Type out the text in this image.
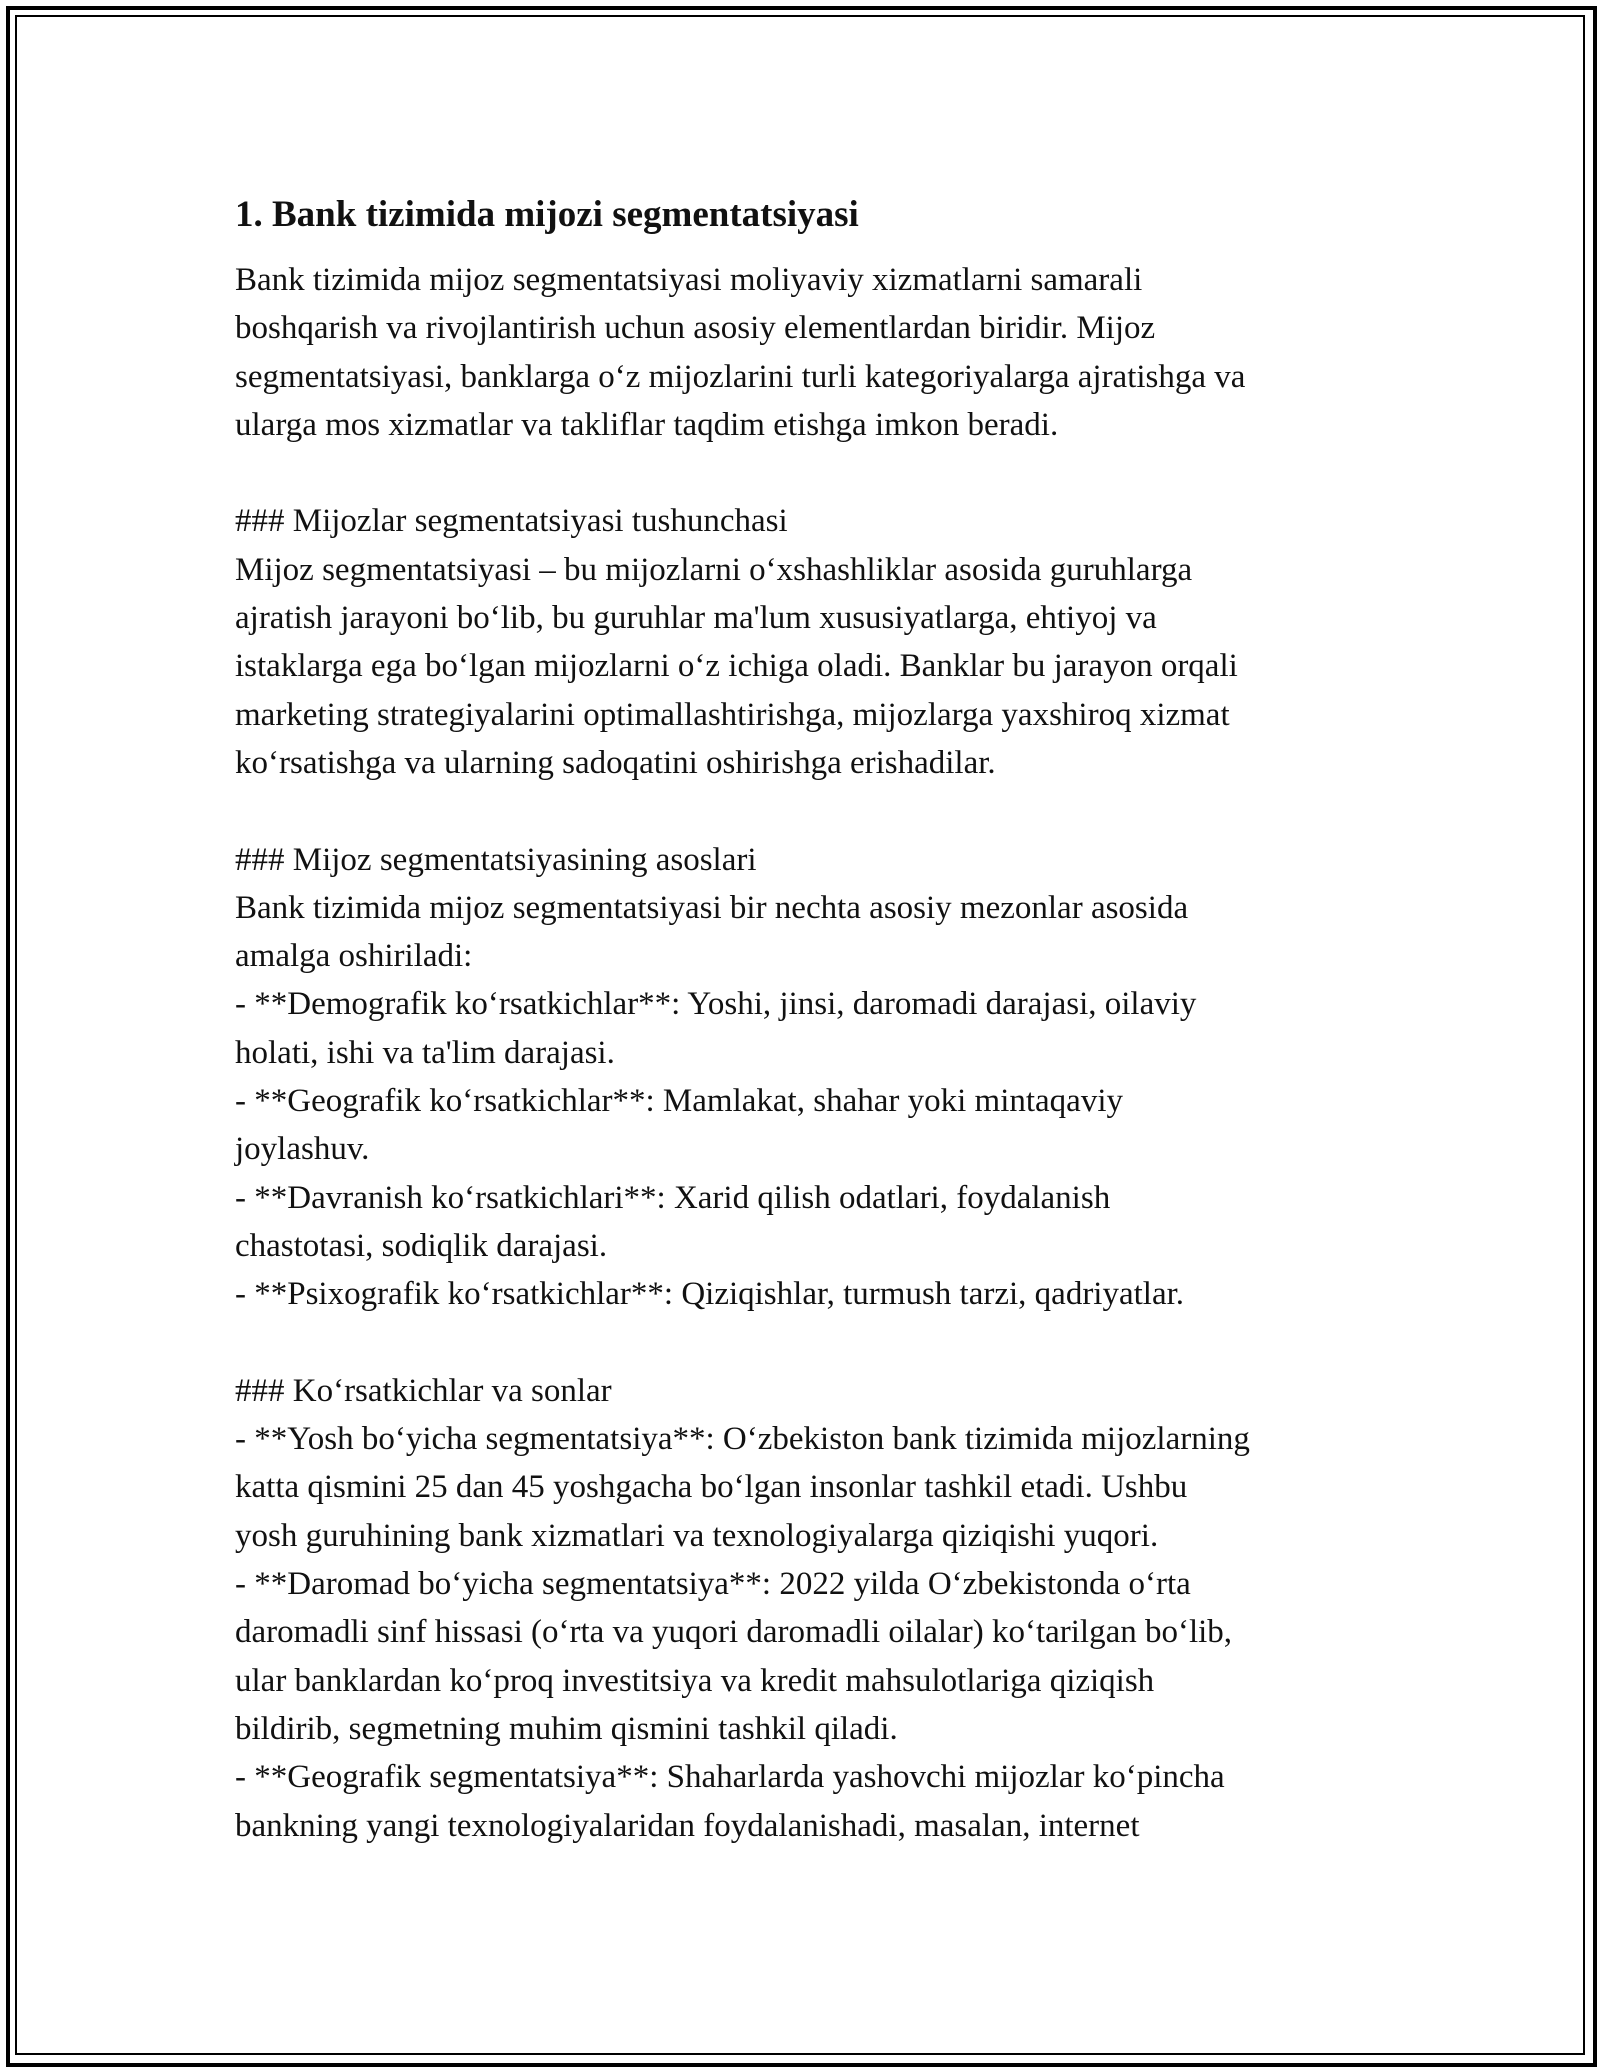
1. Bank tizimida mijozi segmentatsiyasi
Bank tizimida mijoz segmentatsiyasi moliyaviy xizmatlarni samarali
boshqarish va rivojlantirish uchun asosiy elementlardan biridir. Mijoz
segmentatsiyasi, banklarga oʻz mijozlarini turli kategoriyalarga ajratishga va
ularga mos xizmatlar va takliflar taqdim etishga imkon beradi.
### Mijozlar segmentatsiyasi tushunchasi
Mijoz segmentatsiyasi – bu mijozlarni oʻxshashliklar asosida guruhlarga
ajratish jarayoni boʻlib, bu guruhlar ma'lum xususiyatlarga, ehtiyoj va
istaklarga ega boʻlgan mijozlarni oʻz ichiga oladi. Banklar bu jarayon orqali
marketing strategiyalarini optimallashtirishga, mijozlarga yaxshiroq xizmat
koʻrsatishga va ularning sadoqatini oshirishga erishadilar.
### Mijoz segmentatsiyasining asoslari
Bank tizimida mijoz segmentatsiyasi bir nechta asosiy mezonlar asosida
amalga oshiriladi:
- **Demografik koʻrsatkichlar**: Yoshi, jinsi, daromadi darajasi, oilaviy
holati, ishi va ta'lim darajasi.
- **Geografik koʻrsatkichlar**: Mamlakat, shahar yoki mintaqaviy
joylashuv.
- **Davranish koʻrsatkichlari**: Xarid qilish odatlari, foydalanish
chastotasi, sodiqlik darajasi.
- **Psixografik koʻrsatkichlar**: Qiziqishlar, turmush tarzi, qadriyatlar.
### Koʻrsatkichlar va sonlar
- **Yosh boʻyicha segmentatsiya**: Oʻzbekiston bank tizimida mijozlarning
katta qismini 25 dan 45 yoshgacha boʻlgan insonlar tashkil etadi. Ushbu
yosh guruhining bank xizmatlari va texnologiyalarga qiziqishi yuqori.
- **Daromad boʻyicha segmentatsiya**: 2022 yilda Oʻzbekistonda oʻrta
daromadli sinf hissasi (oʻrta va yuqori daromadli oilalar) koʻtarilgan boʻlib,
ular banklardan koʻproq investitsiya va kredit mahsulotlariga qiziqish
bildirib, segmetning muhim qismini tashkil qiladi.
- **Geografik segmentatsiya**: Shaharlarda yashovchi mijozlar koʻpincha
bankning yangi texnologiyalaridan foydalanishadi, masalan, internet
